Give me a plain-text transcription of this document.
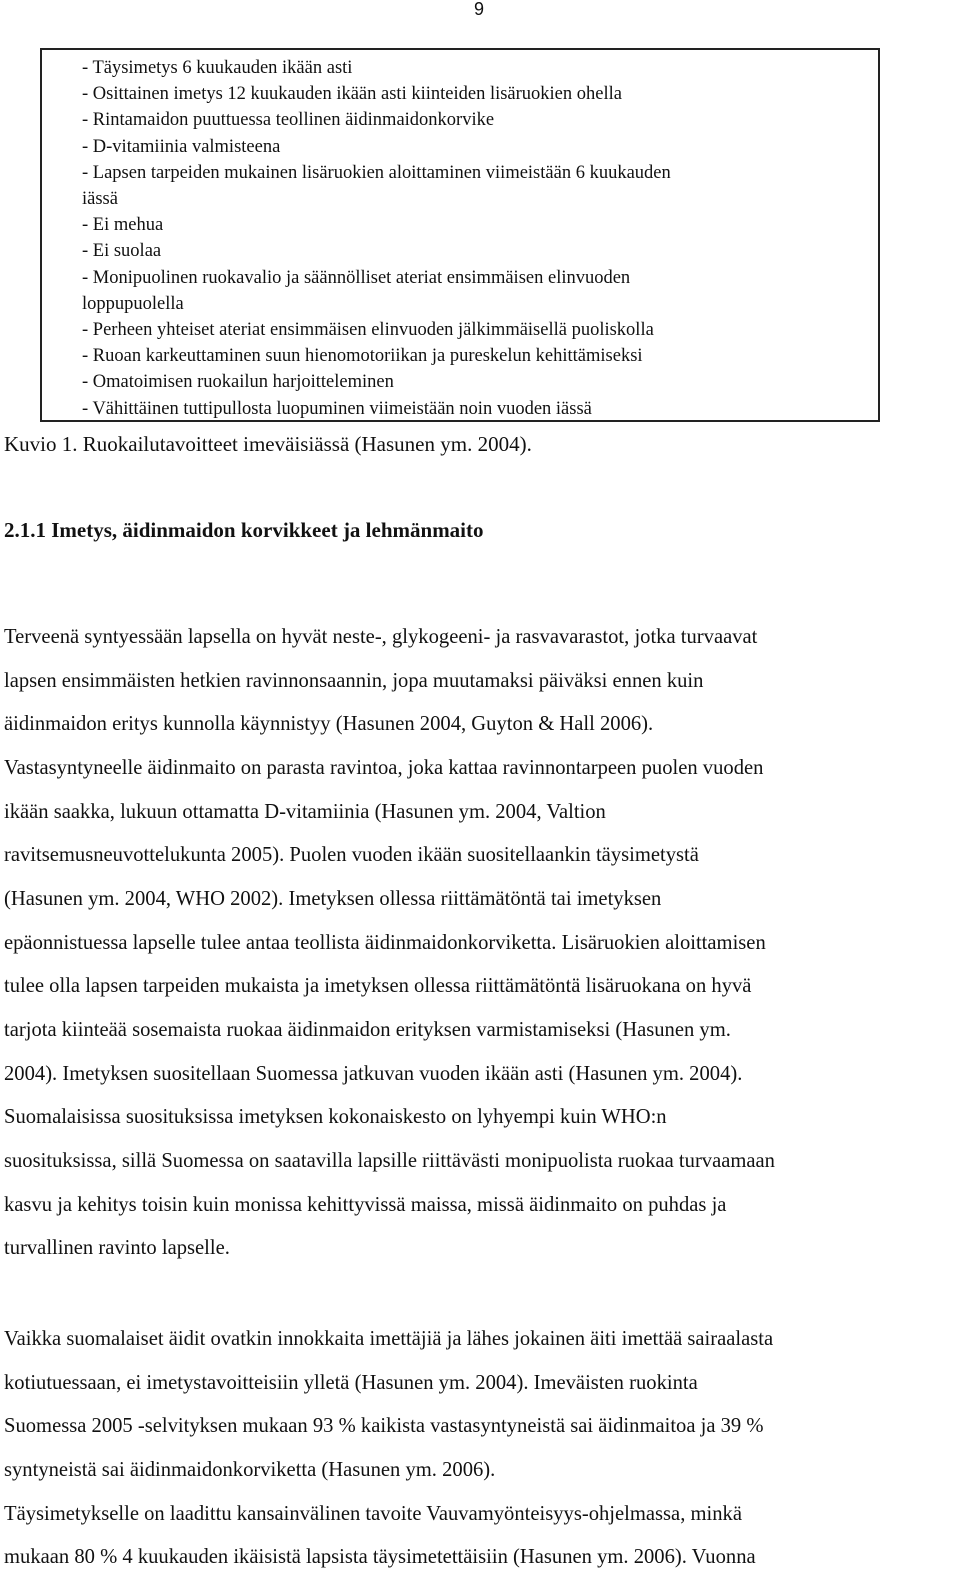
9
- Täysimetys 6 kuukauden ikään asti
- Osittainen imetys 12 kuukauden ikään asti kiinteiden lisäruokien ohella
- Rintamaidon puuttuessa teollinen äidinmaidonkorvike
- D-vitamiinia valmisteena
- Lapsen tarpeiden mukainen lisäruokien aloittaminen viimeistään 6 kuukauden
iässä
- Ei mehua
- Ei suolaa
- Monipuolinen ruokavalio ja säännölliset ateriat ensimmäisen elinvuoden
loppupuolella
- Perheen yhteiset ateriat ensimmäisen elinvuoden jälkimmäisellä puoliskolla
- Ruoan karkeuttaminen suun hienomotoriikan ja pureskelun kehittämiseksi
- Omatoimisen ruokailun harjoitteleminen
- Vähittäinen tuttipullosta luopuminen viimeistään noin vuoden iässä

Kuvio 1. Ruokailutavoitteet imeväisiässä (Hasunen ym. 2004).

2.1.1 Imetys, äidinmaidon korvikkeet ja lehmänmaito

Terveenä syntyessään lapsella on hyvät neste-, glykogeeni- ja rasvavarastot, jotka turvaavat
lapsen ensimmäisten hetkien ravinnonsaannin, jopa muutamaksi päiväksi ennen kuin
äidinmaidon eritys kunnolla käynnistyy (Hasunen 2004, Guyton & Hall 2006).
Vastasyntyneelle äidinmaito on parasta ravintoa, joka kattaa ravinnontarpeen puolen vuoden
ikään saakka, lukuun ottamatta D-vitamiinia (Hasunen ym. 2004, Valtion
ravitsemusneuvottelukunta 2005). Puolen vuoden ikään suositellaankin täysimetystä
(Hasunen ym. 2004, WHO 2002). Imetyksen ollessa riittämätöntä tai imetyksen
epäonnistuessa lapselle tulee antaa teollista äidinmaidonkorviketta. Lisäruokien aloittamisen
tulee olla lapsen tarpeiden mukaista ja imetyksen ollessa riittämätöntä lisäruokana on hyvä
tarjota kiinteää sosemaista ruokaa äidinmaidon erityksen varmistamiseksi (Hasunen ym.
2004). Imetyksen suositellaan Suomessa jatkuvan vuoden ikään asti (Hasunen ym. 2004).
Suomalaisissa suosituksissa imetyksen kokonaiskesto on lyhyempi kuin WHO:n
suosituksissa, sillä Suomessa on saatavilla lapsille riittävästi monipuolista ruokaa turvaamaan
kasvu ja kehitys toisin kuin monissa kehittyvissä maissa, missä äidinmaito on puhdas ja
turvallinen ravinto lapselle.

Vaikka suomalaiset äidit ovatkin innokkaita imettäjiä ja lähes jokainen äiti imettää sairaalasta
kotiutuessaan, ei imetystavoitteisiin ylletä (Hasunen ym. 2004). Imeväisten ruokinta
Suomessa 2005 -selvityksen mukaan 93 % kaikista vastasyntyneistä sai äidinmaitoa ja 39 %
syntyneistä sai äidinmaidonkorviketta (Hasunen ym. 2006).
Täysimetykselle on laadittu kansainvälinen tavoite Vauvamyönteisyys-ohjelmassa, minkä
mukaan 80 % 4 kuukauden ikäisistä lapsista täysimetettäisiin (Hasunen ym. 2006). Vuonna
